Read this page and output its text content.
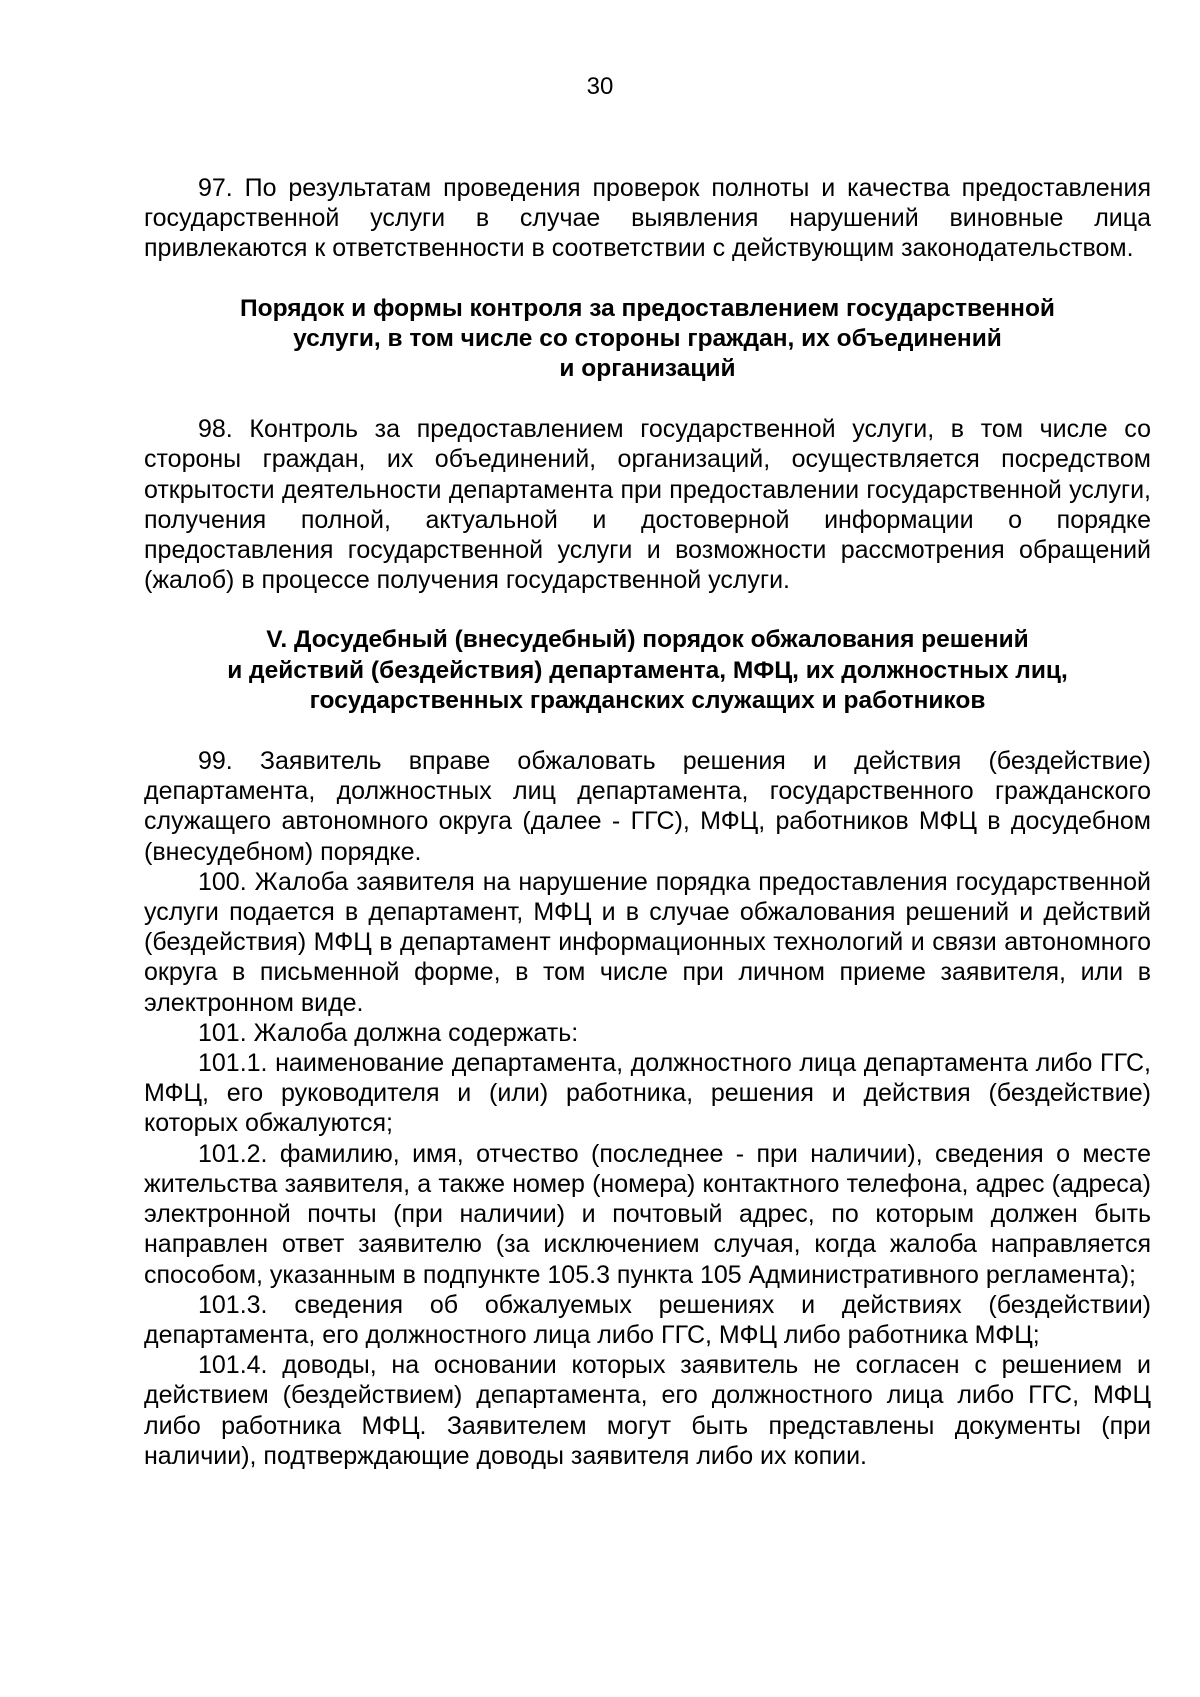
30

97. По результатам проведения проверок полноты и качества предоставления государственной услуги в случае выявления нарушений виновные лица привлекаются к ответственности в соответствии с действующим законодательством.

Порядок и формы контроля за предоставлением государственной
услуги, в том числе со стороны граждан, их объединений
и организаций

98. Контроль за предоставлением государственной услуги, в том числе со стороны граждан, их объединений, организаций, осуществляется посредством открытости деятельности департамента при предоставлении государственной услуги, получения полной, актуальной и достоверной информации о порядке предоставления государственной услуги и возможности рассмотрения обращений (жалоб) в процессе получения государственной услуги.

V. Досудебный (внесудебный) порядок обжалования решений
и действий (бездействия) департамента, МФЦ, их должностных лиц,
государственных гражданских служащих и работников

99. Заявитель вправе обжаловать решения и действия (бездействие) департамента, должностных лиц департамента, государственного гражданского служащего автономного округа (далее - ГГС), МФЦ, работников МФЦ в досудебном (внесудебном) порядке.

100. Жалоба заявителя на нарушение порядка предоставления государственной услуги подается в департамент, МФЦ и в случае обжалования решений и действий (бездействия) МФЦ в департамент информационных технологий и связи автономного округа в письменной форме, в том числе при личном приеме заявителя, или в электронном виде.

101. Жалоба должна содержать:

101.1. наименование департамента, должностного лица департамента либо ГГС, МФЦ, его руководителя и (или) работника, решения и действия (бездействие) которых обжалуются;

101.2. фамилию, имя, отчество (последнее - при наличии), сведения о месте жительства заявителя, а также номер (номера) контактного телефона, адрес (адреса) электронной почты (при наличии) и почтовый адрес, по которым должен быть направлен ответ заявителю (за исключением случая, когда жалоба направляется способом, указанным в подпункте 105.3 пункта 105 Административного регламента);

101.3. сведения об обжалуемых решениях и действиях (бездействии) департамента, его должностного лица либо ГГС, МФЦ либо работника МФЦ;

101.4. доводы, на основании которых заявитель не согласен с решением и действием (бездействием) департамента, его должностного лица либо ГГС, МФЦ либо работника МФЦ. Заявителем могут быть представлены документы (при наличии), подтверждающие доводы заявителя либо их копии.
